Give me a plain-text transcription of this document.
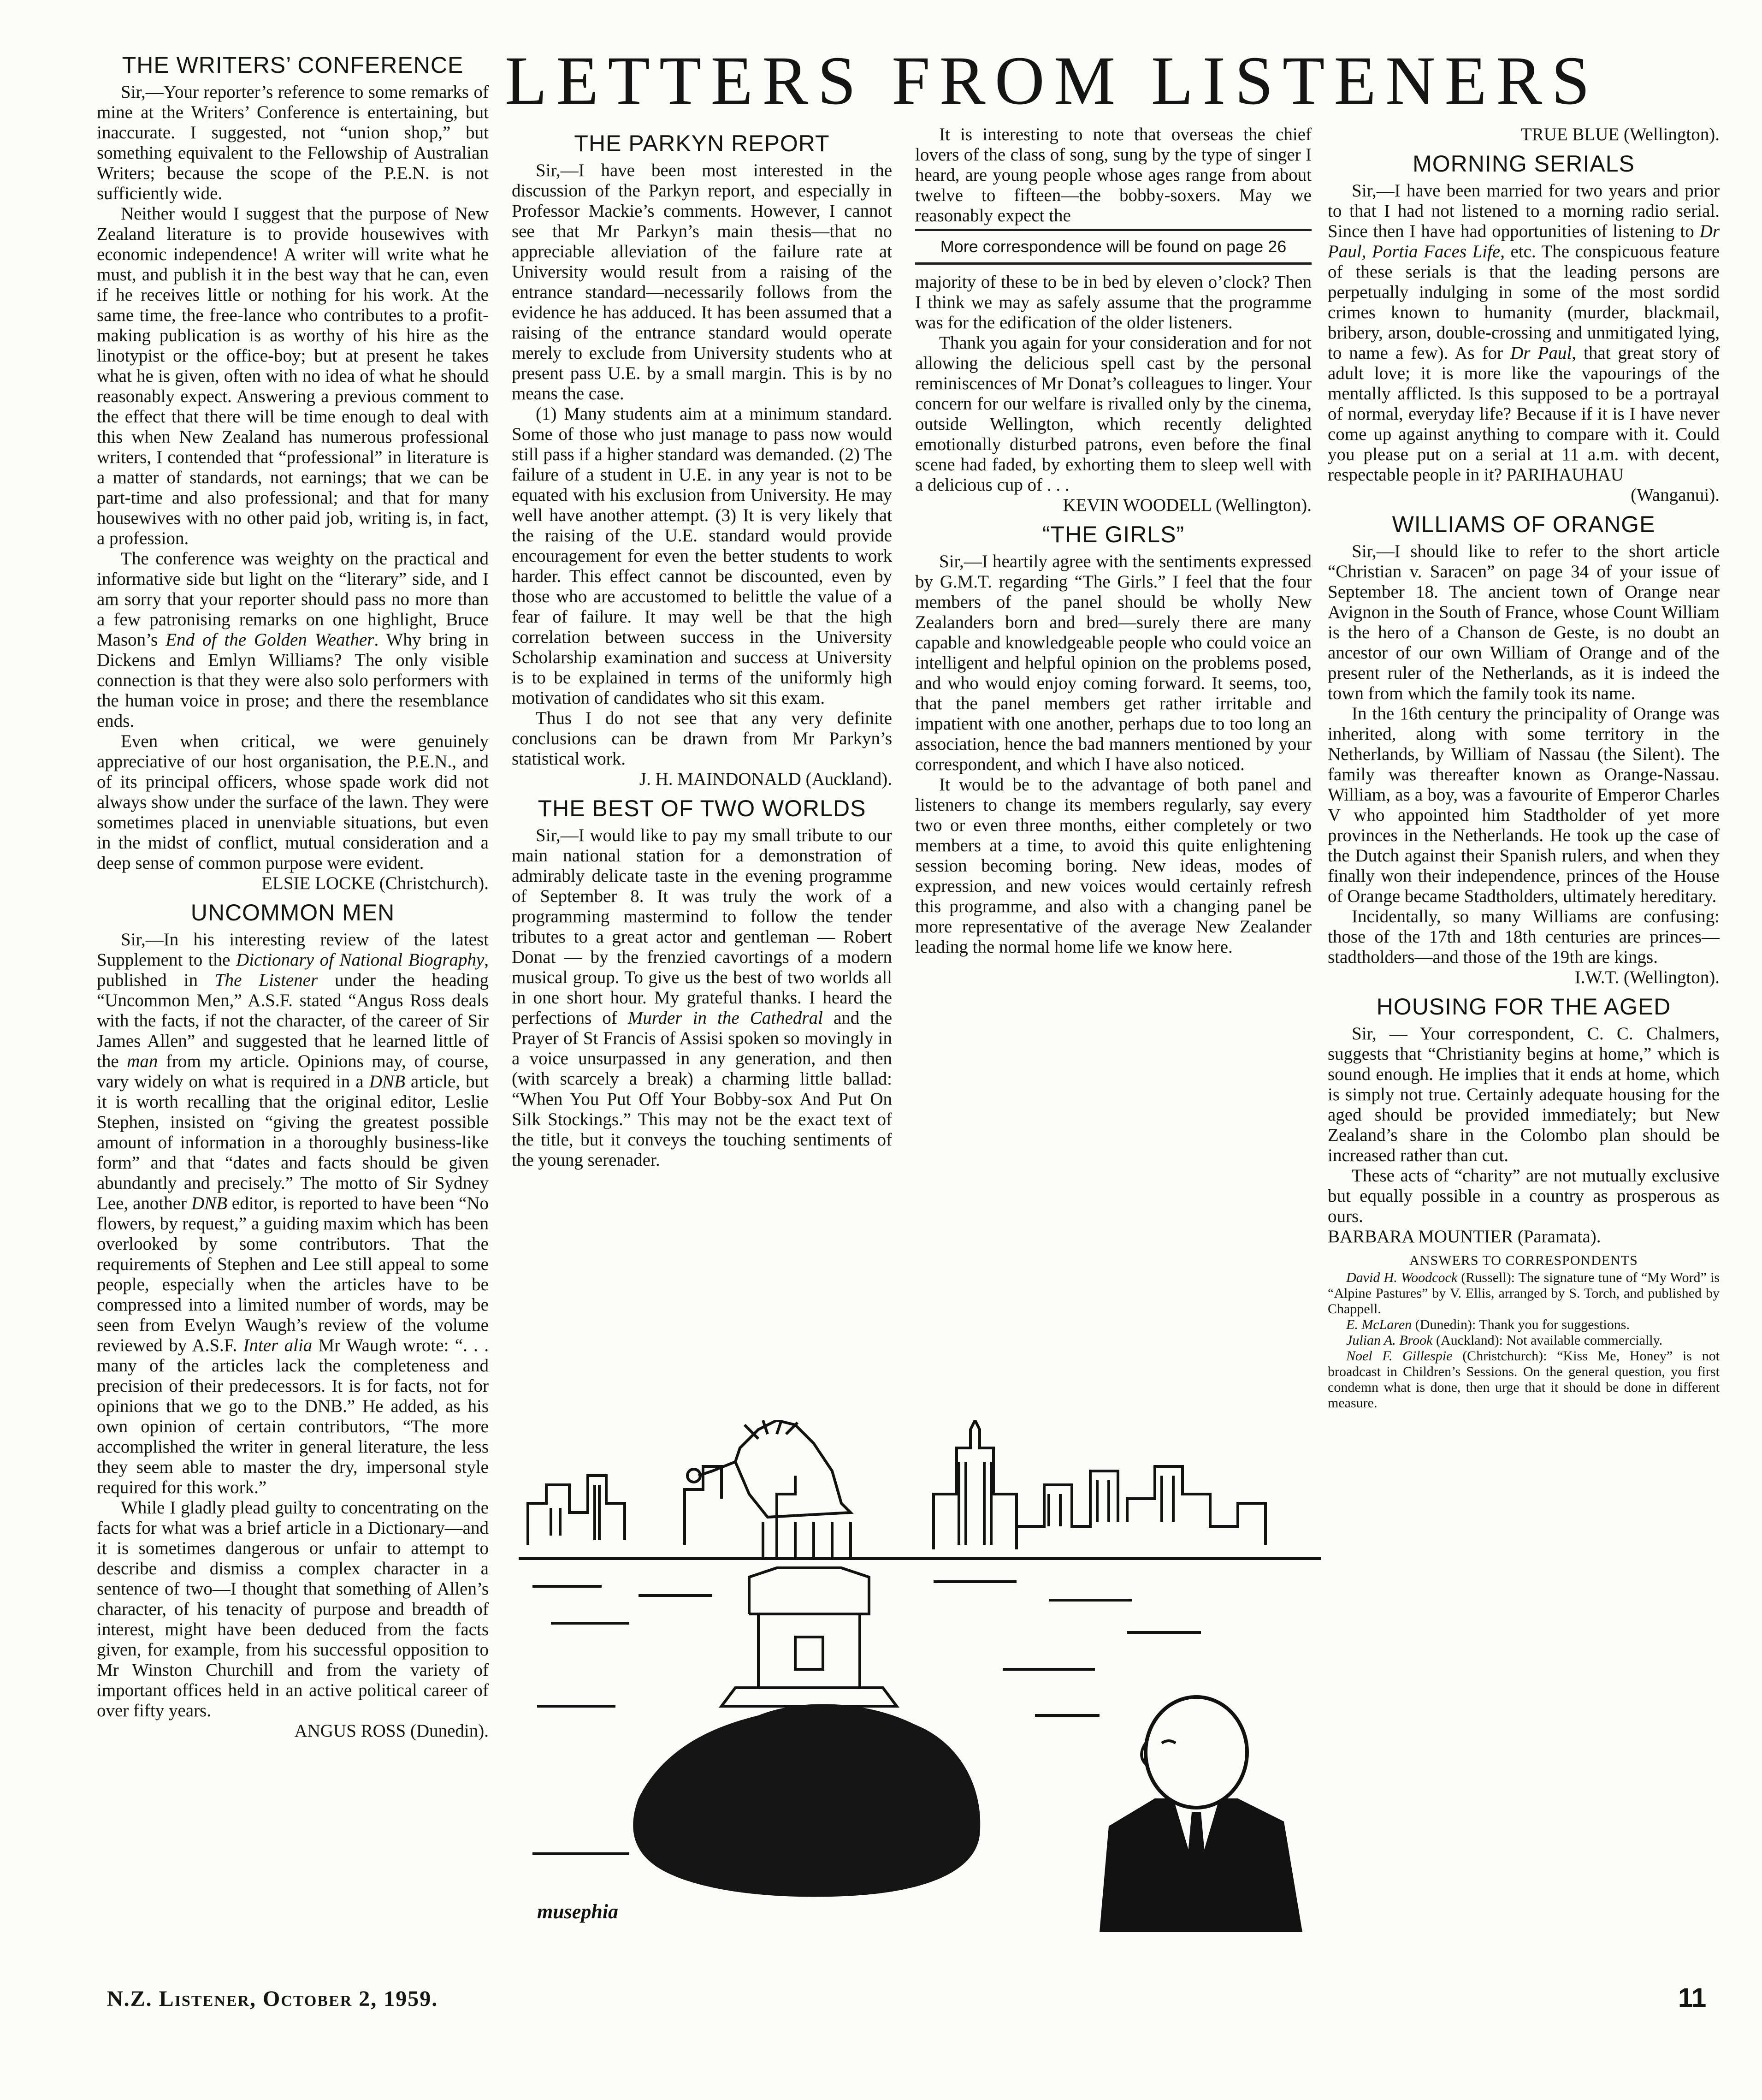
LETTERS FROM LISTENERS
THE WRITERS’ CONFERENCE

Sir,—Your reporter’s reference to some remarks of mine at the Writers’ Conference is entertaining, but inaccurate. I suggested, not “union shop,” but something equivalent to the Fellowship of Australian Writers; because the scope of the P.E.N. is not sufficiently wide.

Neither would I suggest that the purpose of New Zealand literature is to provide housewives with economic independence! A writer will write what he must, and publish it in the best way that he can, even if he receives little or nothing for his work. At the same time, the free-lance who contributes to a profit-making publication is as worthy of his hire as the linotypist or the office-boy; but at present he takes what he is given, often with no idea of what he should reasonably expect. Answering a previous comment to the effect that there will be time enough to deal with this when New Zealand has numerous professional writers, I contended that “professional” in literature is a matter of standards, not earnings; that we can be part-time and also professional; and that for many housewives with no other paid job, writing is, in fact, a profession.

The conference was weighty on the practical and informative side but light on the “literary” side, and I am sorry that your reporter should pass no more than a few patronising remarks on one highlight, Bruce Mason’s End of the Golden Weather. Why bring in Dickens and Emlyn Williams? The only visible connection is that they were also solo performers with the human voice in prose; and there the resemblance ends.

Even when critical, we were genuinely appreciative of our host organisation, the P.E.N., and of its principal officers, whose spade work did not always show under the surface of the lawn. They were sometimes placed in unenviable situations, but even in the midst of conflict, mutual consideration and a deep sense of common purpose were evident.

ELSIE LOCKE (Christchurch).

UNCOMMON MEN

Sir,—In his interesting review of the latest Supplement to the Dictionary of National Biography, published in The Listener under the heading “Uncommon Men,” A.S.F. stated “Angus Ross deals with the facts, if not the character, of the career of Sir James Allen” and suggested that he learned little of the man from my article. Opinions may, of course, vary widely on what is required in a DNB article, but it is worth recalling that the original editor, Leslie Stephen, insisted on “giving the greatest possible amount of information in a thoroughly business-like form” and that “dates and facts should be given abundantly and precisely.” The motto of Sir Sydney Lee, another DNB editor, is reported to have been “No flowers, by request,” a guiding maxim which has been overlooked by some contributors. That the requirements of Stephen and Lee still appeal to some people, especially when the articles have to be compressed into a limited number of words, may be seen from Evelyn Waugh’s review of the volume reviewed by A.S.F. Inter alia Mr Waugh wrote: “. . . many of the articles lack the completeness and precision of their predecessors. It is for facts, not for opinions that we go to the DNB.” He added, as his own opinion of certain contributors, “The more accomplished the writer in general literature, the less they seem able to master the dry, impersonal style required for this work.”

While I gladly plead guilty to concentrating on the facts for what was a brief article in a Dictionary—and it is sometimes dangerous or unfair to attempt to describe and dismiss a complex character in a sentence of two—I thought that something of Allen’s character, of his tenacity of purpose and breadth of interest, might have been deduced from the facts given, for example, from his successful opposition to Mr Winston Churchill and from the variety of important offices held in an active political career of over fifty years.

ANGUS ROSS (Dunedin).

THE PARKYN REPORT

Sir,—I have been most interested in the discussion of the Parkyn report, and especially in Professor Mackie’s comments. However, I cannot see that Mr Parkyn’s main thesis—that no appreciable alleviation of the failure rate at University would result from a raising of the entrance standard—necessarily follows from the evidence he has adduced. It has been assumed that a raising of the entrance standard would operate merely to exclude from University students who at present pass U.E. by a small margin. This is by no means the case.

(1) Many students aim at a minimum standard. Some of those who just manage to pass now would still pass if a higher standard was demanded. (2) The failure of a student in U.E. in any year is not to be equated with his exclusion from University. He may well have another attempt. (3) It is very likely that the raising of the U.E. standard would provide encouragement for even the better students to work harder. This effect cannot be discounted, even by those who are accustomed to belittle the value of a fear of failure. It may well be that the high correlation between success in the University Scholarship examination and success at University is to be explained in terms of the uniformly high motivation of candidates who sit this exam.

Thus I do not see that any very definite conclusions can be drawn from Mr Parkyn’s statistical work.

J. H. MAINDONALD (Auckland).

THE BEST OF TWO WORLDS

Sir,—I would like to pay my small tribute to our main national station for a demonstration of admirably delicate taste in the evening programme of September 8. It was truly the work of a programming mastermind to follow the tender tributes to a great actor and gentleman — Robert Donat — by the frenzied cavortings of a modern musical group. To give us the best of two worlds all in one short hour. My grateful thanks. I heard the perfections of Murder in the Cathedral and the Prayer of St Francis of Assisi spoken so movingly in a voice unsurpassed in any generation, and then (with scarcely a break) a charming little ballad: “When You Put Off Your Bobby-sox And Put On Silk Stockings.” This may not be the exact text of the title, but it conveys the touching sentiments of the young serenader.

It is interesting to note that overseas the chief lovers of the class of song, sung by the type of singer I heard, are young people whose ages range from about twelve to fifteen—the bobby-soxers. May we reasonably expect the

More correspondence will be found on page 26

majority of these to be in bed by eleven o’clock? Then I think we may as safely assume that the programme was for the edification of the older listeners.

Thank you again for your consideration and for not allowing the delicious spell cast by the personal reminiscences of Mr Donat’s colleagues to linger. Your concern for our welfare is rivalled only by the cinema, outside Wellington, which recently delighted emotionally disturbed patrons, even before the final scene had faded, by exhorting them to sleep well with a delicious cup of . . .

KEVIN WOODELL (Wellington).

“THE GIRLS”

Sir,—I heartily agree with the sentiments expressed by G.M.T. regarding “The Girls.” I feel that the four members of the panel should be wholly New Zealanders born and bred—surely there are many capable and knowledgeable people who could voice an intelligent and helpful opinion on the problems posed, and who would enjoy coming forward. It seems, too, that the panel members get rather irritable and impatient with one another, perhaps due to too long an association, hence the bad manners mentioned by your correspondent, and which I have also noticed.

It would be to the advantage of both panel and listeners to change its members regularly, say every two or even three months, either completely or two members at a time, to avoid this quite enlightening session becoming boring. New ideas, modes of expression, and new voices would certainly refresh this programme, and also with a changing panel be more representative of the average New Zealander leading the normal home life we know here.

TRUE BLUE (Wellington).

MORNING SERIALS

Sir,—I have been married for two years and prior to that I had not listened to a morning radio serial. Since then I have had opportunities of listening to Dr Paul, Portia Faces Life, etc. The conspicuous feature of these serials is that the leading persons are perpetually indulging in some of the most sordid crimes known to humanity (murder, blackmail, bribery, arson, double-crossing and unmitigated lying, to name a few). As for Dr Paul, that great story of adult love; it is more like the vapourings of the mentally afflicted. Is this supposed to be a portrayal of normal, everyday life? Because if it is I have never come up against anything to compare with it. Could you please put on a serial at 11 a.m. with decent, respectable people in it? PARIHAUHAU

(Wanganui).

WILLIAMS OF ORANGE

Sir,—I should like to refer to the short article “Christian v. Saracen” on page 34 of your issue of September 18. The ancient town of Orange near Avignon in the South of France, whose Count William is the hero of a Chanson de Geste, is no doubt an ancestor of our own William of Orange and of the present ruler of the Netherlands, as it is indeed the town from which the family took its name.

In the 16th century the principality of Orange was inherited, along with some territory in the Netherlands, by William of Nassau (the Silent). The family was thereafter known as Orange-Nassau. William, as a boy, was a favourite of Emperor Charles V who appointed him Stadtholder of yet more provinces in the Netherlands. He took up the case of the Dutch against their Spanish rulers, and when they finally won their independence, princes of the House of Orange became Stadtholders, ultimately hereditary.

Incidentally, so many Williams are confusing: those of the 17th and 18th centuries are princes—stadtholders—and those of the 19th are kings.

I.W.T. (Wellington).

HOUSING FOR THE AGED

Sir, — Your correspondent, C. C. Chalmers, suggests that “Christianity begins at home,” which is sound enough. He implies that it ends at home, which is simply not true. Certainly adequate housing for the aged should be provided immediately; but New Zealand’s share in the Colombo plan should be increased rather than cut.

These acts of “charity” are not mutually exclusive but equally possible in a country as prosperous as ours.

BARBARA MOUNTIER (Paramata).

ANSWERS TO CORRESPONDENTS

David H. Woodcock (Russell): The signature tune of “My Word” is “Alpine Pastures” by V. Ellis, arranged by S. Torch, and published by Chappell.

E. McLaren (Dunedin): Thank you for suggestions.

Julian A. Brook (Auckland): Not available commercially.

Noel F. Gillespie (Christchurch): “Kiss Me, Honey” is not broadcast in Children’s Sessions. On the general question, you first condemn what is done, then urge that it should be done in different measure.

musephia
N.Z. Listener, October 2, 1959.	11
